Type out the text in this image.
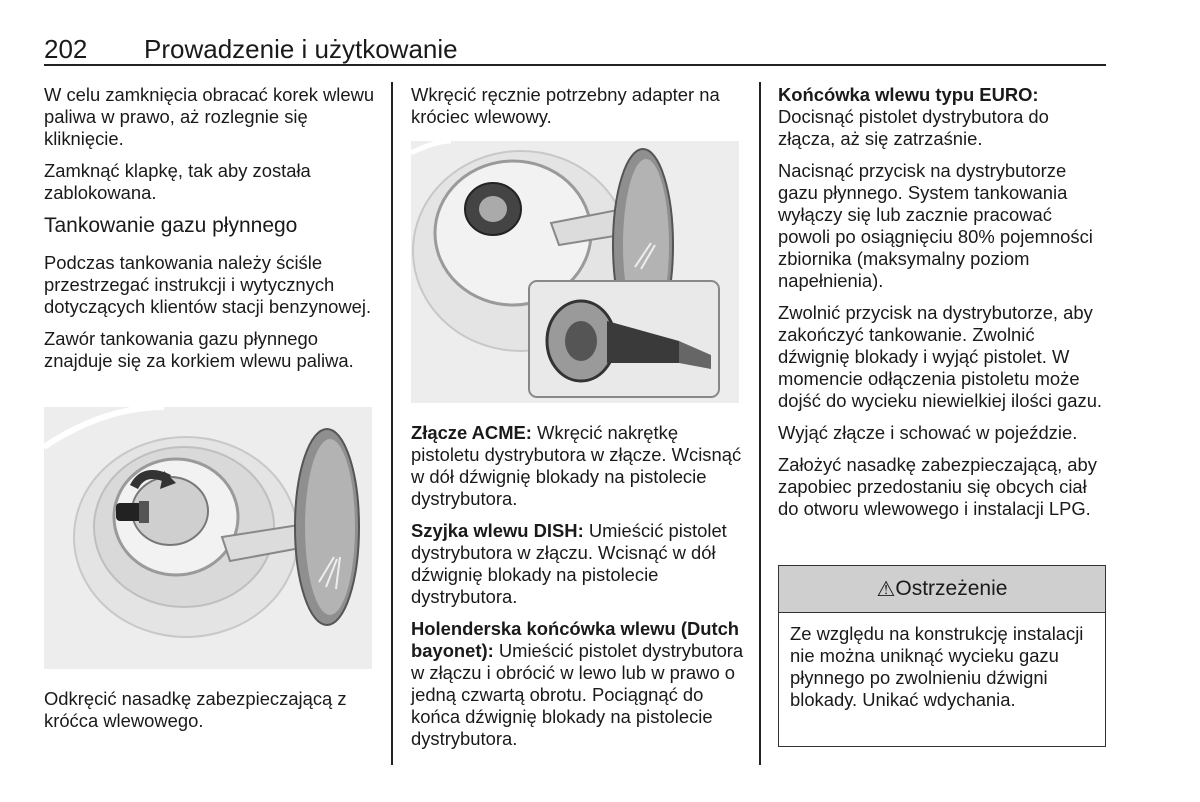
202 Prowadzenie i użytkowanie

W celu zamknięcia obracać korek wlewu paliwa w prawo, aż rozlegnie się kliknięcie.

Zamknąć klapkę, tak aby została zablokowana.

Tankowanie gazu płynnego

Podczas tankowania należy ściśle przestrzegać instrukcji i wytycznych dotyczących klientów stacji benzynowej.

Zawór tankowania gazu płynnego znajduje się za korkiem wlewu paliwa.

Odkręcić nasadkę zabezpieczającą z króćca wlewowego.

Wkręcić ręcznie potrzebny adapter na króciec wlewowy.

Złącze ACME: Wkręcić nakrętkę pistoletu dystrybutora w złącze. Wcisnąć w dół dźwignię blokady na pistolecie dystrybutora.

Szyjka wlewu DISH: Umieścić pistolet dystrybutora w złączu. Wcisnąć w dół dźwignię blokady na pistolecie dystrybutora.

Holenderska końcówka wlewu (Dutch bayonet): Umieścić pistolet dystrybutora w złączu i obrócić w lewo lub w prawo o jedną czwartą obrotu. Pociągnąć do końca dźwignię blokady na pistolecie dystrybutora.

Końcówka wlewu typu EURO:
Docisnąć pistolet dystrybutora do złącza, aż się zatrzaśnie.

Nacisnąć przycisk na dystrybutorze gazu płynnego. System tankowania wyłączy się lub zacznie pracować powoli po osiągnięciu 80% pojemności zbiornika (maksymalny poziom napełnienia).

Zwolnić przycisk na dystrybutorze, aby zakończyć tankowanie. Zwolnić dźwignię blokady i wyjąć pistolet. W momencie odłączenia pistoletu może dojść do wycieku niewielkiej ilości gazu.

Wyjąć złącze i schować w pojeździe.

Założyć nasadkę zabezpieczającą, aby zapobiec przedostaniu się obcych ciał do otworu wlewowego i instalacji LPG.

⚠ Ostrzeżenie
Ze względu na konstrukcję instalacji nie można uniknąć wycieku gazu płynnego po zwolnieniu dźwigni blokady. Unikać wdychania.
